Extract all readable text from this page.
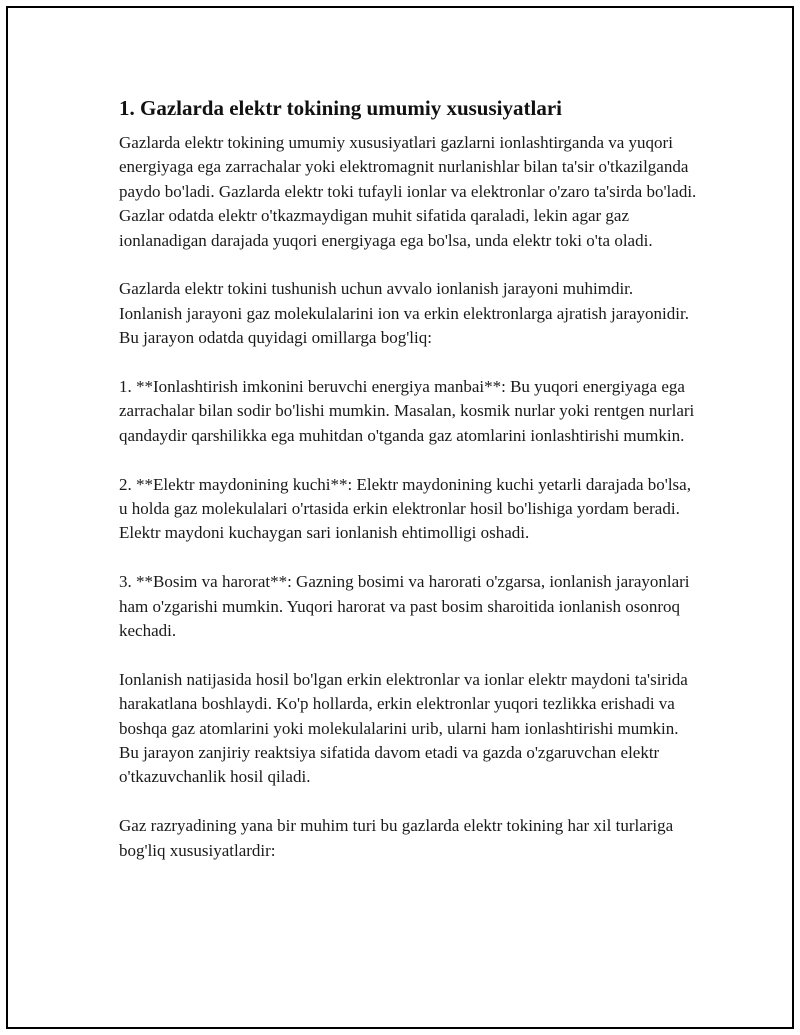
1. Gazlarda elektr tokining umumiy xususiyatlari

Gazlarda elektr tokining umumiy xususiyatlari gazlarni ionlashtirganda va yuqori energiyaga ega zarrachalar yoki elektromagnit nurlanishlar bilan ta'sir o'tkazilganda paydo bo'ladi. Gazlarda elektr toki tufayli ionlar va elektronlar o'zaro ta'sirda bo'ladi. Gazlar odatda elektr o'tkazmaydigan muhit sifatida qaraladi, lekin agar gaz ionlanadigan darajada yuqori energiyaga ega bo'lsa, unda elektr toki o'ta oladi.

Gazlarda elektr tokini tushunish uchun avvalo ionlanish jarayoni muhimdir. Ionlanish jarayoni gaz molekulalarini ion va erkin elektronlarga ajratish jarayonidir. Bu jarayon odatda quyidagi omillarga bog'liq:

1. **Ionlashtirish imkonini beruvchi energiya manbai**: Bu yuqori energiyaga ega zarrachalar bilan sodir bo'lishi mumkin. Masalan, kosmik nurlar yoki rentgen nurlari qandaydir qarshilikka ega muhitdan o'tganda gaz atomlarini ionlashtirishi mumkin.

2. **Elektr maydonining kuchi**: Elektr maydonining kuchi yetarli darajada bo'lsa, u holda gaz molekulalari o'rtasida erkin elektronlar hosil bo'lishiga yordam beradi. Elektr maydoni kuchaygan sari ionlanish ehtimolligi oshadi.

3. **Bosim va harorat**: Gazning bosimi va harorati o'zgarsa, ionlanish jarayonlari ham o'zgarishi mumkin. Yuqori harorat va past bosim sharoitida ionlanish osonroq kechadi.

Ionlanish natijasida hosil bo'lgan erkin elektronlar va ionlar elektr maydoni ta'sirida harakatlana boshlaydi. Ko'p hollarda, erkin elektronlar yuqori tezlikka erishadi va boshqa gaz atomlarini yoki molekulalarini urib, ularni ham ionlashtirishi mumkin. Bu jarayon zanjiriy reaktsiya sifatida davom etadi va gazda o'zgaruvchan elektr o'tkazuvchanlik hosil qiladi.

Gaz razryadining yana bir muhim turi bu gazlarda elektr tokining har xil turlariga bog'liq xususiyatlardir:
